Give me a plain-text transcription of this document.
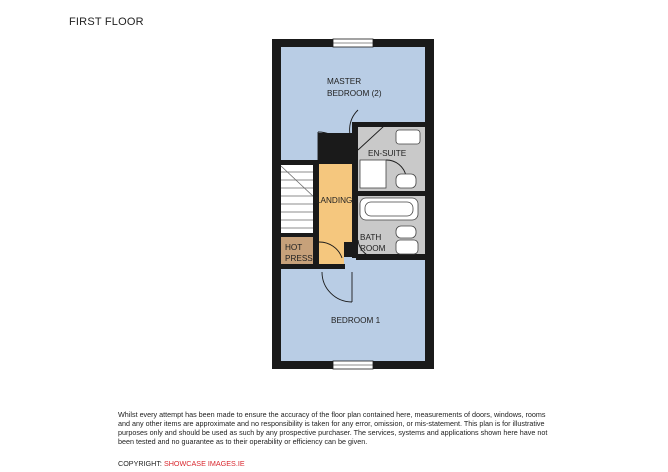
FIRST FLOOR
MASTER
BEDROOM (2)
EN-SUITE
LANDING
BATH
ROOM
HOT
PRESS
BEDROOM 1
Whilst every attempt has been made to ensure the accuracy of the floor plan contained here, measurements of doors, windows, rooms and any other items are approximate and no responsibility is taken for any error, omission, or mis-statement. This plan is for illustrative purposes only and should be used as such by any prospective purchaser. The services, systems and applications shown here have not been tested and no guarantee as to their operability or efficiency can be given.
COPYRIGHT: SHOWCASE IMAGES.IE
